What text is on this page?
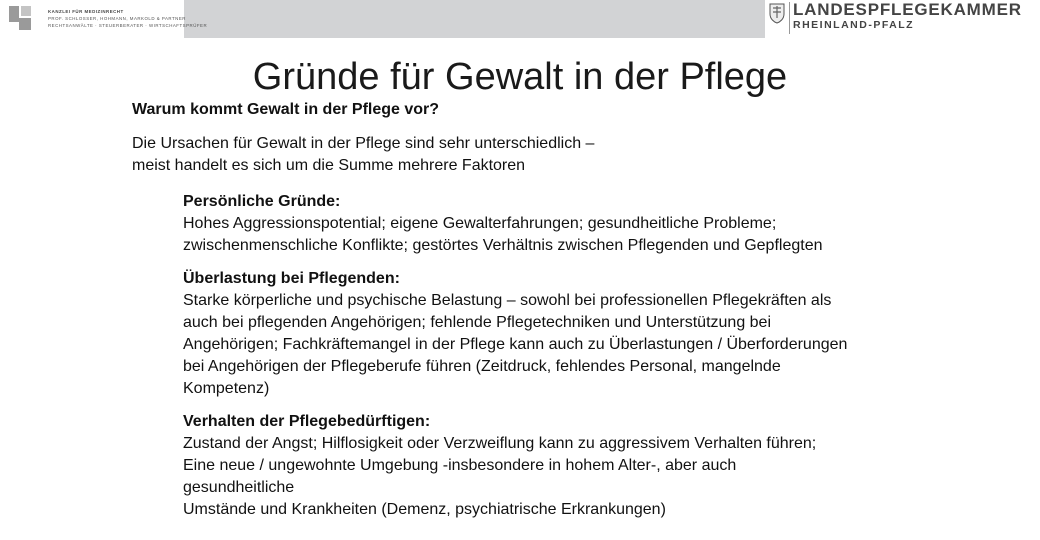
KANZLEI FÜR MEDIZINRECHT
PROF. SCHLOSSER, HOHMANN, MARKOLD & PARTNER
RECHTSANWÄLTE · STEUERBERATER · WIRTSCHAFTSPRÜFER
LANDESPFLEGEKAMMER
RHEINLAND-PFALZ
Gründe für Gewalt in der Pflege
Warum kommt Gewalt in der Pflege vor?
Die Ursachen für Gewalt in der Pflege sind sehr unterschiedlich –
meist handelt es sich um die Summe mehrere Faktoren
Persönliche Gründe:
Hohes Aggressionspotential; eigene Gewalterfahrungen; gesundheitliche Probleme;
zwischenmenschliche Konflikte; gestörtes Verhältnis zwischen Pflegenden und Gepflegten
Überlastung bei Pflegenden:
Starke körperliche und psychische Belastung – sowohl bei professionellen Pflegekräften als
auch bei pflegenden Angehörigen; fehlende Pflegetechniken und Unterstützung bei
Angehörigen; Fachkräftemangel in der Pflege kann auch zu Überlastungen / Überforderungen
bei Angehörigen der Pflegeberufe führen (Zeitdruck, fehlendes Personal, mangelnde
Kompetenz)
Verhalten der Pflegebedürftigen:
Zustand der Angst; Hilflosigkeit oder Verzweiflung kann zu aggressivem Verhalten führen;
Eine neue / ungewohnte Umgebung -insbesondere in hohem Alter-, aber auch
gesundheitliche
Umstände und Krankheiten (Demenz, psychiatrische Erkrankungen)
